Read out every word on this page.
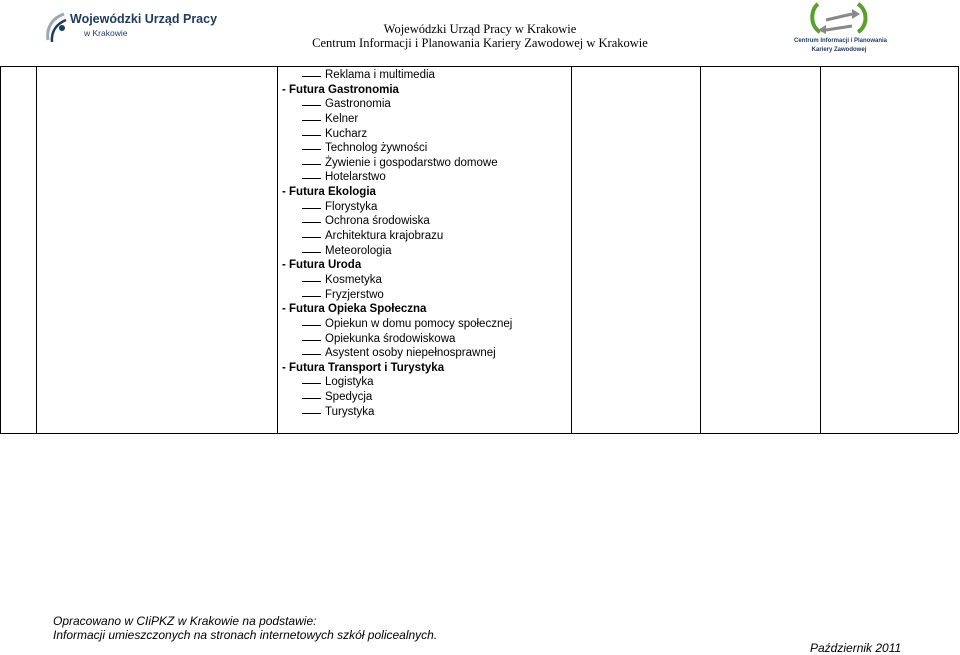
Wojewódzki Urząd Pracy
w Krakowie	Wojewódzki Urząd Pracy w Krakowie
Centrum Informacji i Planowania Kariery Zawodowej w Krakowie	Centrum Informacji i Planowania
Kariery Zawodowej
Reklama i multimedia
- Futura Gastronomia
Gastronomia
Kelner
Kucharz
Technolog żywności
Żywienie i gospodarstwo domowe
Hotelarstwo
- Futura Ekologia
Florystyka
Ochrona środowiska
Architektura krajobrazu
Meteorologia
- Futura Uroda
Kosmetyka
Fryzjerstwo
- Futura Opieka Społeczna
Opiekun w domu pomocy społecznej
Opiekunka środowiskowa
Asystent osoby niepełnosprawnej
- Futura Transport i Turystyka
Logistyka
Spedycja
Turystyka
Opracowano w CIiPKZ w Krakowie na podstawie:
Informacji umieszczonych na stronach internetowych szkół policealnych.
Październik 2011
